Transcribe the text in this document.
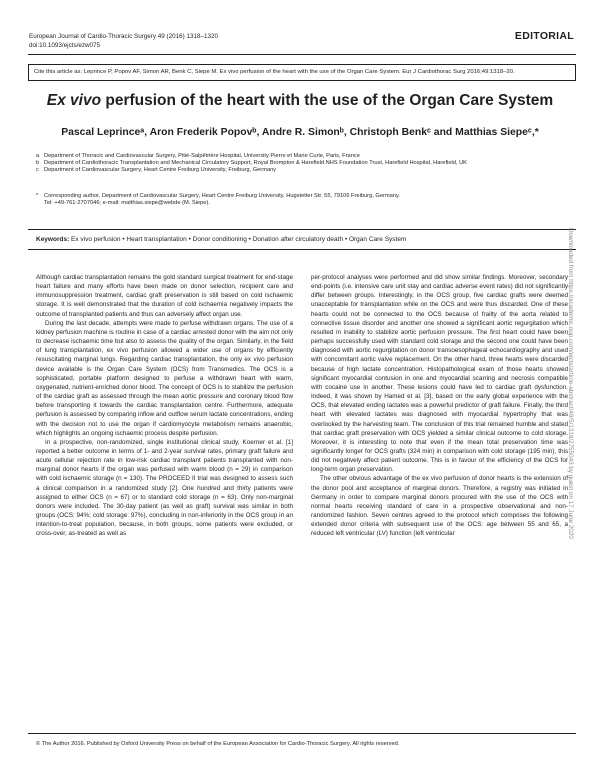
European Journal of Cardio-Thoracic Surgery 49 (2016) 1318–1320
doi:10.1093/ejcts/ezw075
EDITORIAL
Cite this article as: Leprince P, Popov AF, Simon AR, Benk C, Siepe M. Ex vivo perfusion of the heart with the use of the Organ Care System. Eur J Cardiothorac Surg 2016;49:1318–20.
Ex vivo perfusion of the heart with the use of the Organ Care System
Pascal Leprinceᵃ, Aron Frederik Popovᵇ, Andre R. Simonᵇ, Christoph Benkᶜ and Matthias Siepeᶜ,*
a Department of Thoracic and Cardiovascular Surgery, Pitié-Salpêtrière Hospital, University Pierre et Marie Curie, Paris, France
b Department of Cardiothoracic Transplantation and Mechanical Circulatory Support, Royal Brompton & Harefield NHS Foundation Trust, Harefield Hospital, Harefield, UK
c Department of Cardiovascular Surgery, Heart Centre Freiburg University, Freiburg, Germany
*	Corresponding author. Department of Cardiovascular Surgery, Heart Centre Freiburg University, Hugstetter Str. 55, 79106 Freiburg, Germany.
Tel: +49-761-2707046; e-mail: matthias.siepe@webde (M. Siepe).
Keywords: Ex vivo perfusion • Heart transplantation • Donor conditioning • Donation after circulatory death • Organ Care System

Although cardiac transplantation remains the gold standard surgical treatment for end-stage heart failure and many efforts have been made on donor selection, recipient care and immunosuppression treatment, cardiac graft preservation is still based on cold ischaemic storage. It is well demonstrated that the duration of cold ischaemia negatively impacts the outcome of transplanted patients and thus can adversely affect organ use.

During the last decade, attempts were made to perfuse withdrawn organs. The use of a kidney perfusion machine is routine in case of a cardiac arrested donor with the aim not only to decrease ischaemic time but also to assess the quality of the organ. Similarly, in the field of lung transplantation, ex vivo perfusion allowed a wider use of organs by efficiently resuscitating marginal lungs. Regarding cardiac transplantation, the only ex vivo perfusion device available is the Organ Care System (OCS) from Transmedics. The OCS is a sophisticated, portable platform designed to perfuse a withdrawn heart with warm, oxygenated, nutrient-enriched donor blood. The concept of OCS is to stabilize the perfusion of the cardiac graft as assessed through the mean aortic pressure and coronary blood flow before transporting it towards the cardiac transplantation centre. Furthermore, adequate perfusion is assessed by comparing inflow and outflow serum lactate concentrations, ending with the decision not to use the organ if cardiomyocyte metabolism remains anaerobic, which highlights an ongoing ischaemic process despite perfusion.

In a prospective, non-randomized, single institutional clinical study, Koerner et al. [1] reported a better outcome in terms of 1- and 2-year survival rates, primary graft failure and acute cellular rejection rate in low-risk cardiac transplant patients transplanted with non-marginal donor hearts if the organ was perfused with warm blood (n = 29) in comparison with cold ischaemic storage (n = 130). The PROCEED II trial was designed to assess such a clinical comparison in a randomized study [2]. One hundred and thirty patients were assigned to either OCS (n = 67) or to standard cold storage (n = 63). Only non-marginal donors were included. The 30-day patient (as well as graft) survival was similar in both groups (OCS: 94%; cold storage: 97%), concluding in non-inferiority in the OCS group in an intention-to-treat population, because, in both groups, some patients were excluded, or cross-over, as-treated as well as

per-protocol analyses were performed and did show similar findings. Moreover, secondary end-points (i.e. intensive care unit stay and cardiac adverse event rates) did not significantly differ between groups. Interestingly, in the OCS group, five cardiac grafts were deemed unacceptable for transplantation while on the OCS and were thus discarded. One of these hearts could not be connected to the OCS because of frailty of the aorta related to connective tissue disorder and another one showed a significant aortic regurgitation which resulted in inability to stabilize aortic perfusion pressure. The first heart could have been perhaps successfully used with standard cold storage and the second one could have been diagnosed with aortic regurgitation on donor transoesophageal echocardiography and used with concomitant aortic valve replacement. On the other hand, three hearts were discarded because of high lactate concentration. Histopathological exam of those hearts showed significant myocardial contusion in one and myocardial scarring and necrosis compatible with cocaine use in another. These lesions could have led to cardiac graft dysfunction. Indeed, it was shown by Hamed et al. [3], based on the early global experience with the OCS, that elevated ending lactates was a powerful predictor of graft failure. Finally, the third heart with elevated lactates was diagnosed with myocardial hypertrophy that was overlooked by the harvesting team. The conclusion of this trial remained humble and stated that cardiac graft preservation with OCS yielded a similar clinical outcome to cold storage. Moreover, it is interesting to note that even if the mean total preservation time was significantly longer for OCS grafts (324 min) in comparison with cold storage (195 min), this did not negatively affect patient outcome. This is in favour of the efficiency of the OCS for long-term organ preservation.

The other obvious advantage of the ex vivo perfusion of donor hearts is the extension of the donor pool and acceptance of marginal donors. Therefore, a registry was initiated in Germany in order to compare marginal donors procured with the use of the OCS with normal hearts receiving standard of care in a prospective observational and non-randomized fashion. Seven centres agreed to the protocol which comprises the following extended donor criteria with subsequent use of the OCS: age between 55 and 65, a reduced left ventricular (LV) function (left ventricular	Downloaded from https://academic.oup.com/ejcts/article-abstract/49/5/1318/2755043 by guest on 17 June 2020
© The Author 2016. Published by Oxford University Press on behalf of the European Association for Cardio-Thoracic Surgery. All rights reserved.
